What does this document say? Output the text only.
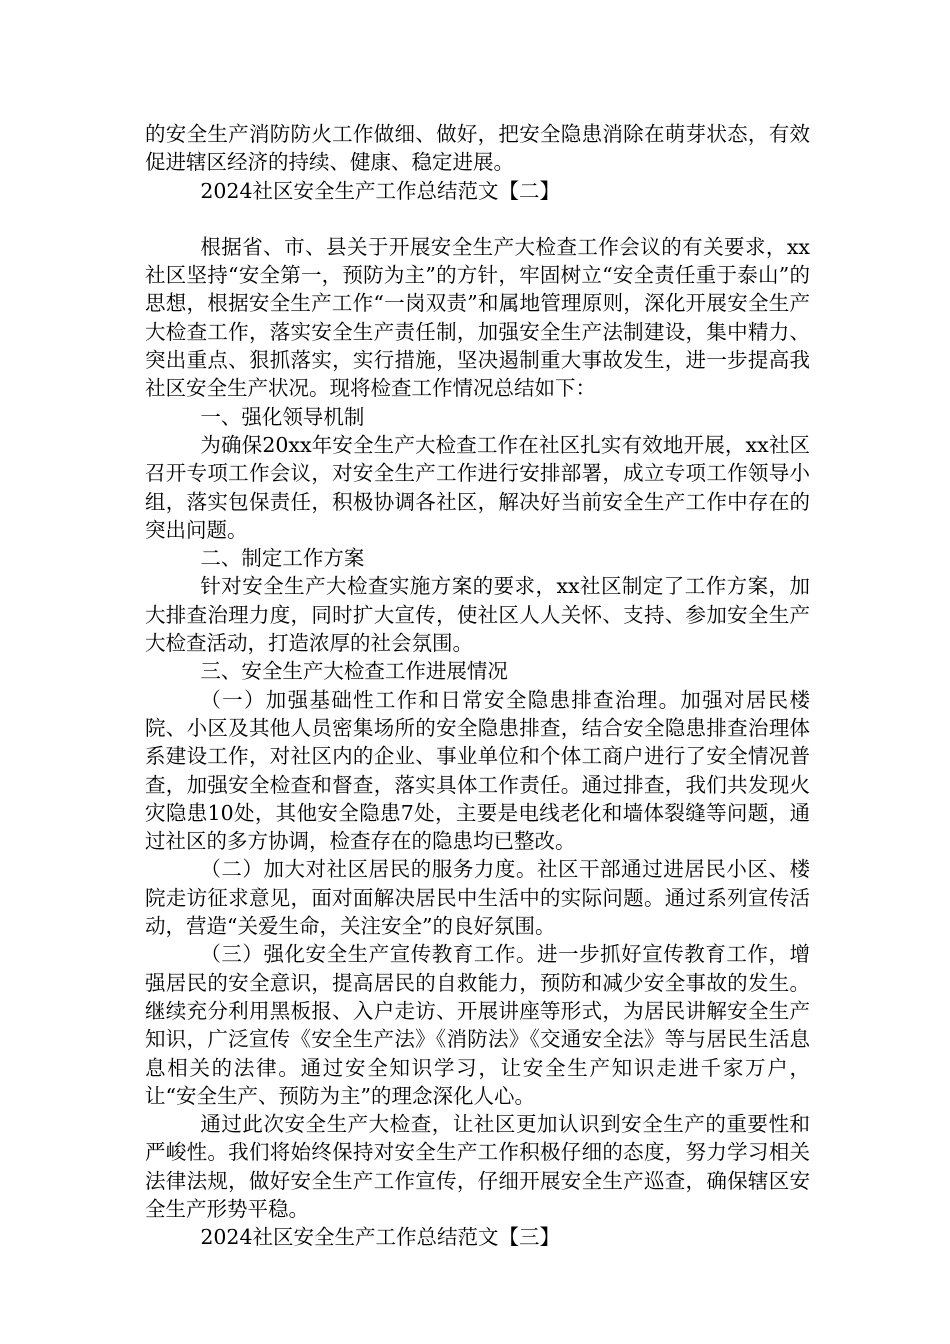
的安全生产消防防火工作做细、做好，把安全隐患消除在萌芽状态，有效促进辖区经济的持续、健康、稳定进展。

2024社区安全生产工作总结范文【二】

根据省、市、县关于开展安全生产大检查工作会议的有关要求，xx社区坚持“安全第一，预防为主”的方针，牢固树立“安全责任重于泰山”的思想，根据安全生产工作“一岗双责”和属地管理原则，深化开展安全生产大检查工作，落实安全生产责任制，加强安全生产法制建设，集中精力、突出重点、狠抓落实，实行措施，坚决遏制重大事故发生，进一步提高我社区安全生产状况。现将检查工作情况总结如下：

一、强化领导机制

为确保20xx年安全生产大检查工作在社区扎实有效地开展，xx社区召开专项工作会议，对安全生产工作进行安排部署，成立专项工作领导小组，落实包保责任，积极协调各社区，解决好当前安全生产工作中存在的突出问题。

二、制定工作方案

针对安全生产大检查实施方案的要求，xx社区制定了工作方案，加大排查治理力度，同时扩大宣传，使社区人人关怀、支持、参加安全生产大检查活动，打造浓厚的社会氛围。

三、安全生产大检查工作进展情况

（一）加强基础性工作和日常安全隐患排查治理。加强对居民楼院、小区及其他人员密集场所的安全隐患排查，结合安全隐患排查治理体系建设工作，对社区内的企业、事业单位和个体工商户进行了安全情况普查，加强安全检查和督查，落实具体工作责任。通过排查，我们共发现火灾隐患10处，其他安全隐患7处，主要是电线老化和墙体裂缝等问题，通过社区的多方协调，检查存在的隐患均已整改。

（二）加大对社区居民的服务力度。社区干部通过进居民小区、楼院走访征求意见，面对面解决居民中生活中的实际问题。通过系列宣传活动，营造“关爱生命，关注安全”的良好氛围。

（三）强化安全生产宣传教育工作。进一步抓好宣传教育工作，增强居民的安全意识，提高居民的自救能力，预防和减少安全事故的发生。继续充分利用黑板报、入户走访、开展讲座等形式，为居民讲解安全生产知识，广泛宣传《安全生产法》《消防法》《交通安全法》等与居民生活息息相关的法律。通过安全知识学习，让安全生产知识走进千家万户，让“安全生产、预防为主”的理念深化人心。

通过此次安全生产大检查，让社区更加认识到安全生产的重要性和严峻性。我们将始终保持对安全生产工作积极仔细的态度，努力学习相关法律法规，做好安全生产工作宣传，仔细开展安全生产巡查，确保辖区安全生产形势平稳。

2024社区安全生产工作总结范文【三】
